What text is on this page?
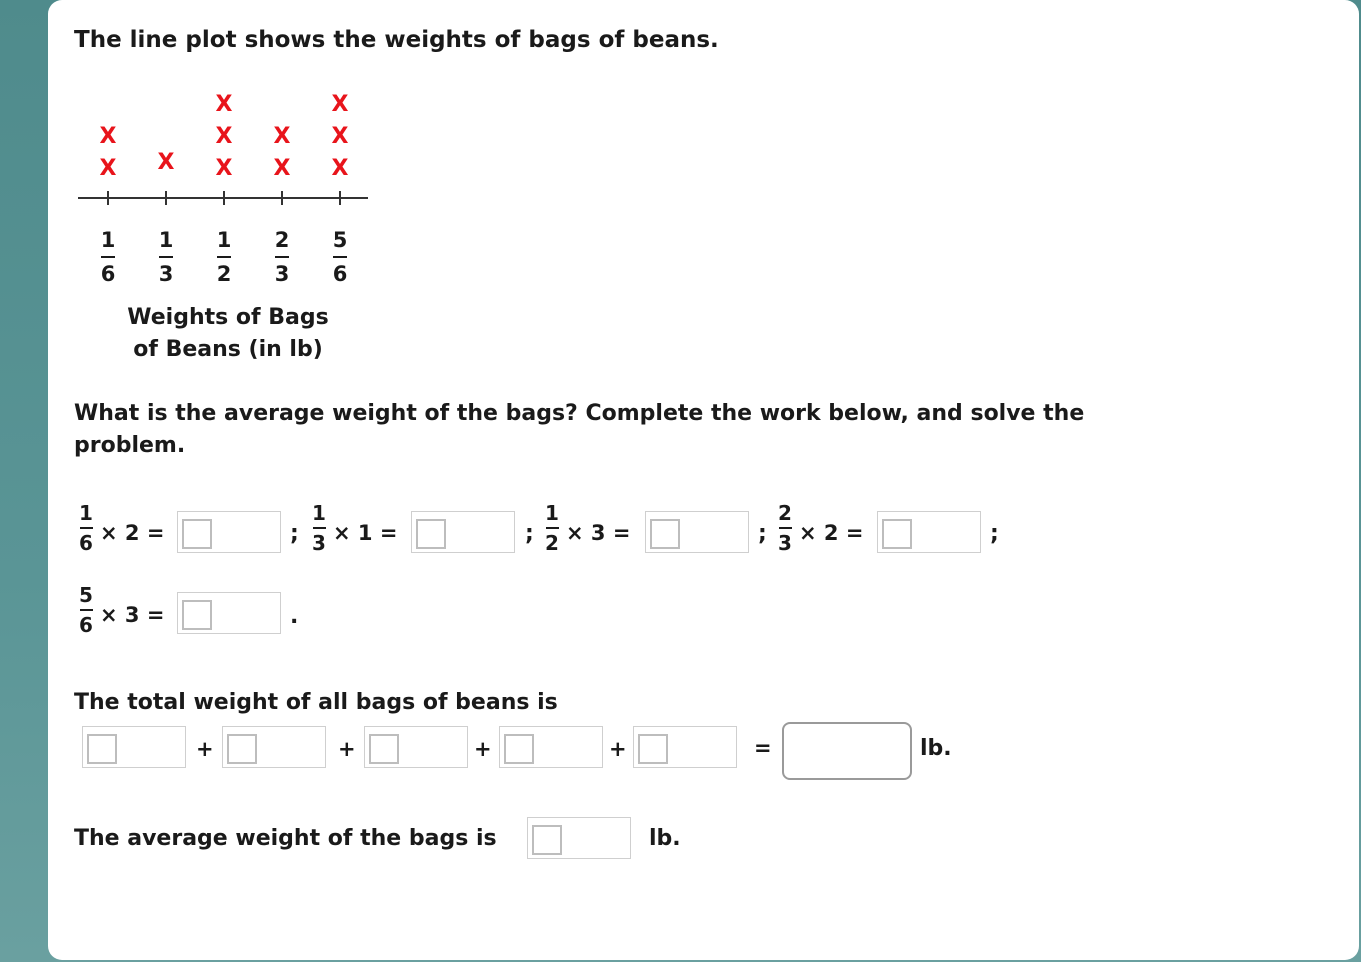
The line plot shows the weights of bags of beans.
X
X
X X
X
X
X
X
X
X
X
1
6
1
3
1
2
2
3
5
6
Weights of Bags
of Beans (in lb)
What is the average weight of the bags? Complete the work below, and solve the problem.
1
6 × 2 =	;
1
3 × 1 =	;
1
2 × 3 =	;
2
3 × 2 =	;
5
6 × 3 =	.
The total weight of all bags of beans is
+	+	+	+	=	lb.
The average weight of the bags is	lb.
